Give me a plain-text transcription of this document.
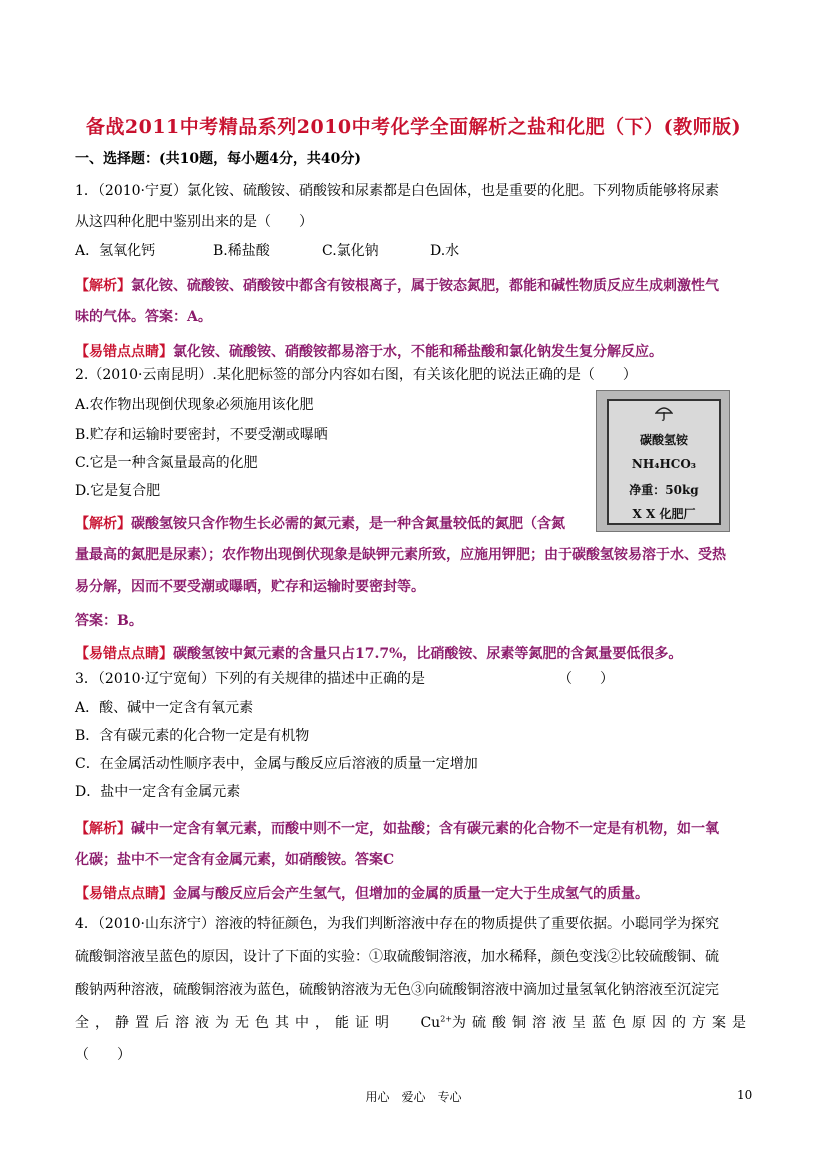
备战2011中考精品系列2010中考化学全面解析之盐和化肥（下）(教师版)
一、选择题：(共10题，每小题4分，共40分)
1．（2010·宁夏）氯化铵、硫酸铵、硝酸铵和尿素都是白色固体，也是重要的化肥。下列物质能够将尿素
从这四种化肥中鉴别出来的是（　　）
A．氢氧化钙	B.稀盐酸	C.氯化钠	D.水
【解析】氯化铵、硫酸铵、硝酸铵中都含有铵根离子，属于铵态氮肥，都能和碱性物质反应生成刺激性气
味的气体。答案：A。
【易错点点睛】氯化铵、硫酸铵、硝酸铵都易溶于水，不能和稀盐酸和氯化钠发生复分解反应。
2.（2010·云南昆明）.某化肥标签的部分内容如右图，有关该化肥的说法正确的是（　　）
A.农作物出现倒伏现象必须施用该化肥
B.贮存和运输时要密封，不要受潮或曝晒
C.它是一种含氮量最高的化肥
D.它是复合肥
碳酸氢铵
NH₄HCO₃
净重：50kg
X X 化肥厂
【解析】碳酸氢铵只含作物生长必需的氮元素，是一种含氮量较低的氮肥（含氮
量最高的氮肥是尿素）；农作物出现倒伏现象是缺钾元素所致，应施用钾肥；由于碳酸氢铵易溶于水、受热
易分解，因而不要受潮或曝晒，贮存和运输时要密封等。
答案：B。
【易错点点睛】碳酸氢铵中氮元素的含量只占17.7%，比硝酸铵、尿素等氮肥的含氮量要低很多。
3．（2010·辽宁宽甸）下列的有关规律的描述中正确的是	（　　）
A．酸、碱中一定含有氧元素
B．含有碳元素的化合物一定是有机物
C．在金属活动性顺序表中，金属与酸反应后溶液的质量一定增加
D．盐中一定含有金属元素
【解析】碱中一定含有氧元素，而酸中则不一定，如盐酸；含有碳元素的化合物不一定是有机物，如一氧
化碳；盐中不一定含有金属元素，如硝酸铵。答案C
【易错点点睛】金属与酸反应后会产生氢气，但增加的金属的质量一定大于生成氢气的质量。
4．（2010·山东济宁）溶液的特征颜色，为我们判断溶液中存在的物质提供了重要依据。小聪同学为探究
硫酸铜溶液呈蓝色的原因，设计了下面的实验：①取硫酸铜溶液，加水稀释，颜色变浅②比较硫酸铜、硫
酸钠两种溶液，硫酸铜溶液为蓝色，硫酸钠溶液为无色③向硫酸铜溶液中滴加过量氢氧化钠溶液至沉淀完
全，静置后溶液为无色其中，能证明 $Cu^{2+}$为硫酸铜溶液呈蓝色原因的方案是
（　　）
用心　爱心　专心	10
